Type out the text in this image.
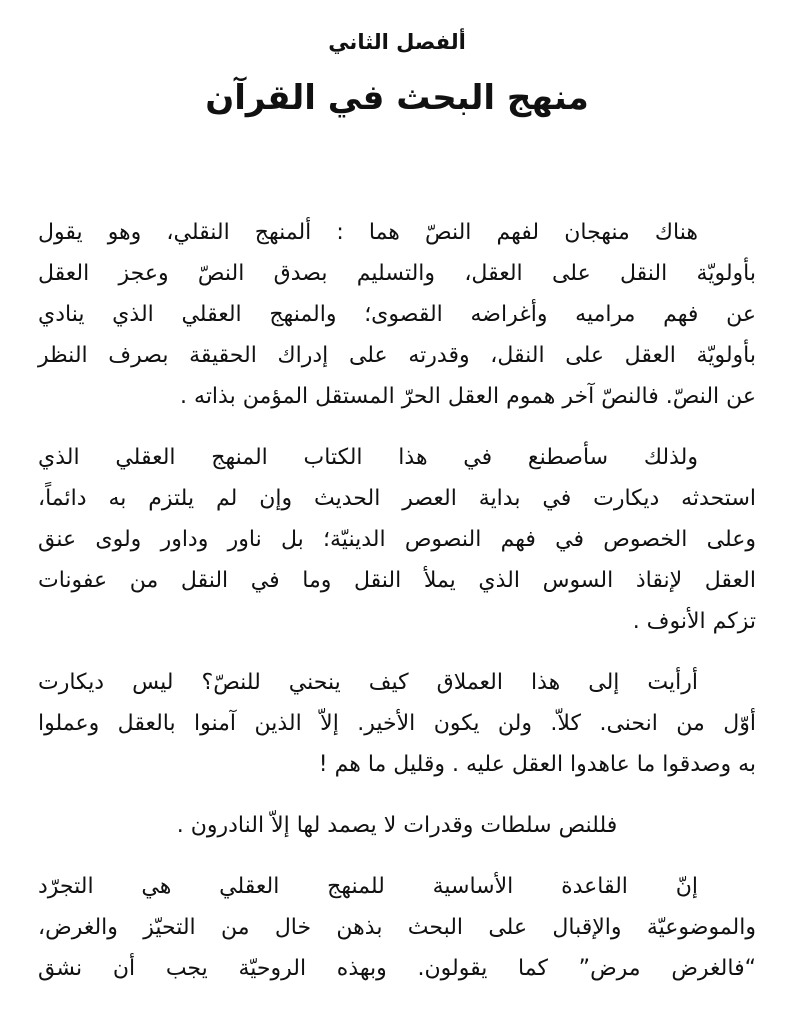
ألفصل الثاني
منهج البحث في القرآن

هناك منهجان لفهم النصّ هما : ألمنهج النقلي، وهو يقول
بأولويّة النقل على العقل، والتسليم بصدق النصّ وعجز العقل
عن فهم مراميه وأغراضه القصوى؛ والمنهج العقلي الذي ينادي
بأولويّة العقل على النقل، وقدرته على إدراك الحقيقة بصرف النظر
عن النصّ. فالنصّ آخر هموم العقل الحرّ المستقل المؤمن بذاته .

ولذلك سأصطنع في هذا الكتاب المنهج العقلي الذي
استحدثه ديكارت في بداية العصر الحديث وإن لم يلتزم به دائماً،
وعلى الخصوص في فهم النصوص الدينيّة؛ بل ناور وداور ولوى عنق
العقل لإنقاذ السوس الذي يملأ النقل وما في النقل من عفونات
تزكم الأنوف .

أرأيت إلى هذا العملاق كيف ينحني للنصّ؟ ليس ديكارت
أوّل من انحنى. كلاّ. ولن يكون الأخير. إلاّ الذين آمنوا بالعقل وعملوا
به وصدقوا ما عاهدوا العقل عليه . وقليل ما هم !

فللنص سلطات وقدرات لا يصمد لها إلاّ النادرون .

إنّ القاعدة الأساسية للمنهج العقلي هي التجرّد
والموضوعيّة والإقبال على البحث بذهن خال من التحيّز والغرض،
“فالغرض مرض” كما يقولون. وبهذه الروحيّة يجب أن نشق
